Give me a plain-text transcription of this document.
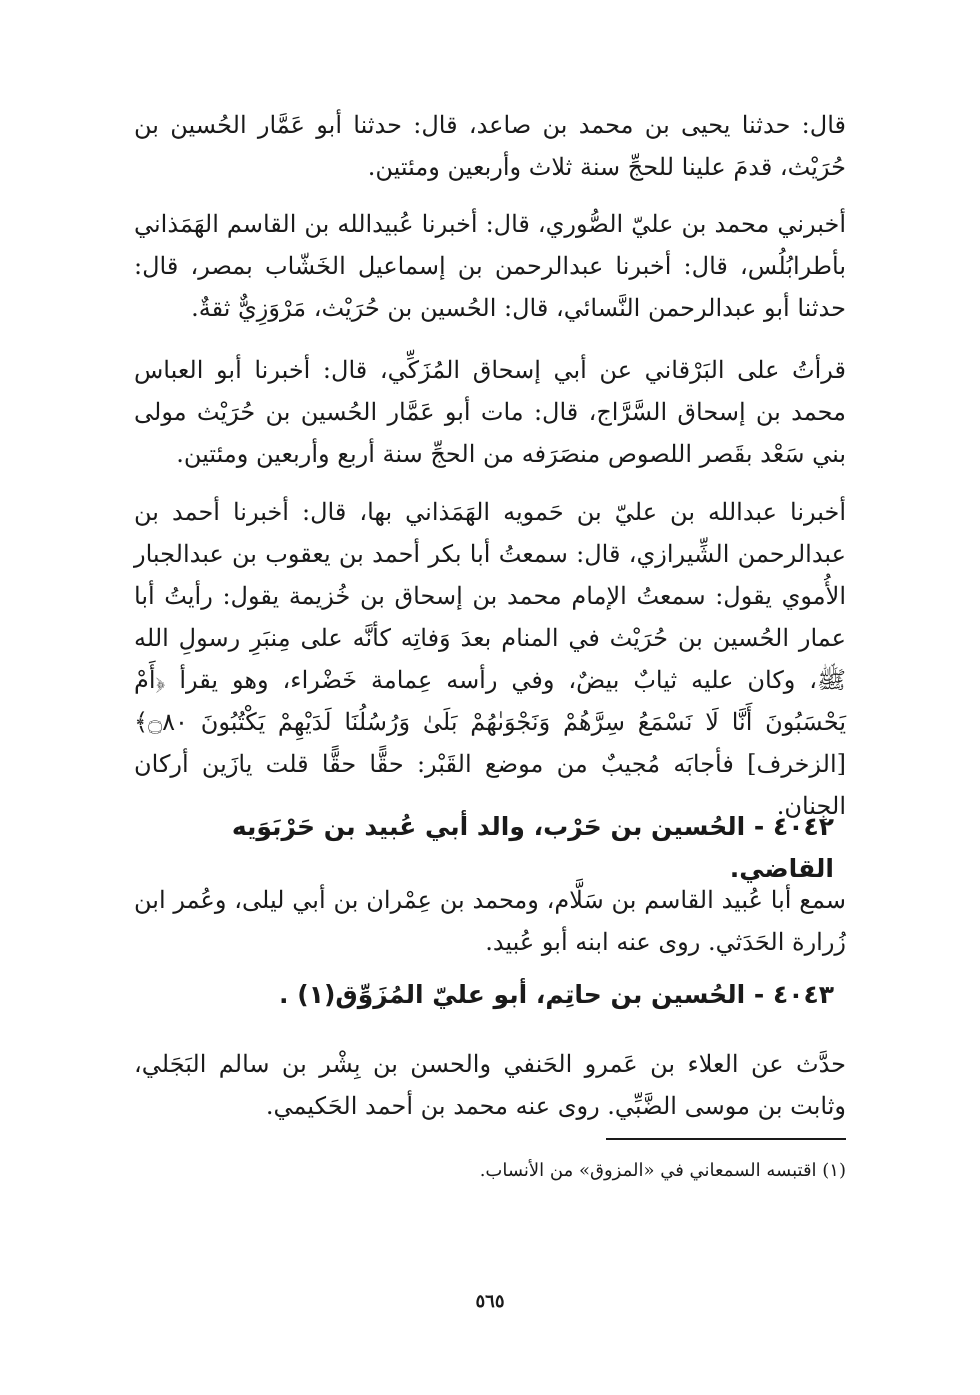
قال: حدثنا يحيى بن محمد بن صاعد، قال: حدثنا أبو عَمَّار الحُسين بن حُرَيْث، قدمَ علينا للحجِّ سنة ثلاث وأربعين ومئتين.

أخبرني محمد بن عليّ الصُّوري، قال: أخبرنا عُبيدالله بن القاسم الهَمَذاني بأطرابُلُس، قال: أخبرنا عبدالرحمن بن إسماعيل الخَشّاب بمصر، قال: حدثنا أبو عبدالرحمن النَّسائي، قال: الحُسين بن حُرَيْث، مَرْوَزِيٌّ ثقةٌ.

قرأتُ على البَرْقاني عن أبي إسحاق المُزَكِّي، قال: أخبرنا أبو العباس محمد بن إسحاق السَّرَّاج، قال: مات أبو عَمَّار الحُسين بن حُرَيْث مولى بني سَعْد بقَصر اللصوص منصَرَفه من الحجِّ سنة أربع وأربعين ومئتين.

أخبرنا عبدالله بن عليّ بن حَمويه الهَمَذاني بها، قال: أخبرنا أحمد بن عبدالرحمن الشِّيرازي، قال: سمعتُ أبا بكر أحمد بن يعقوب بن عبدالجبار الأُموي يقول: سمعتُ الإمام محمد بن إسحاق بن خُزيمة يقول: رأيتُ أبا عمار الحُسين بن حُرَيْث في المنام بعدَ وَفاتِه كأنَّه على مِنبَرِ رسولِ الله ﷺ، وكان عليه ثيابٌ بيضٌ، وفي رأسه عِمامة خَضْراء، وهو يقرأ ﴿أَمْ يَحْسَبُونَ أَنَّا لَا نَسْمَعُ سِرَّهُمْ وَنَجْوَىٰهُمْ بَلَىٰ وَرُسُلُنَا لَدَيْهِمْ يَكْتُبُونَ ۝٨٠﴾ [الزخرف] فأجابَه مُجيبٌ من موضع القَبْر: حقًّا حقًّا قلت يازَين أركان الجِنان.

٤٠٤٢ - الحُسين بن حَرْب، والد أبي عُبيد بن حَرْبَوَيه القاضي.

سمع أبا عُبيد القاسم بن سَلَّام، ومحمد بن عِمْران بن أبي ليلى، وعُمر ابن زُرارة الحَدَثي. روى عنه ابنه أبو عُبيد.

٤٠٤٣ - الحُسين بن حاتِم، أبو عليّ المُزَوِّق(١) .

حدَّث عن العلاء بن عَمرو الحَنفي والحسن بن بِشْر بن سالم البَجَلي، وثابت بن موسى الضَّبِّي. روى عنه محمد بن أحمد الحَكيمي.

(١) اقتبسه السمعاني في «المزوق» من الأنساب.

٥٦٥
